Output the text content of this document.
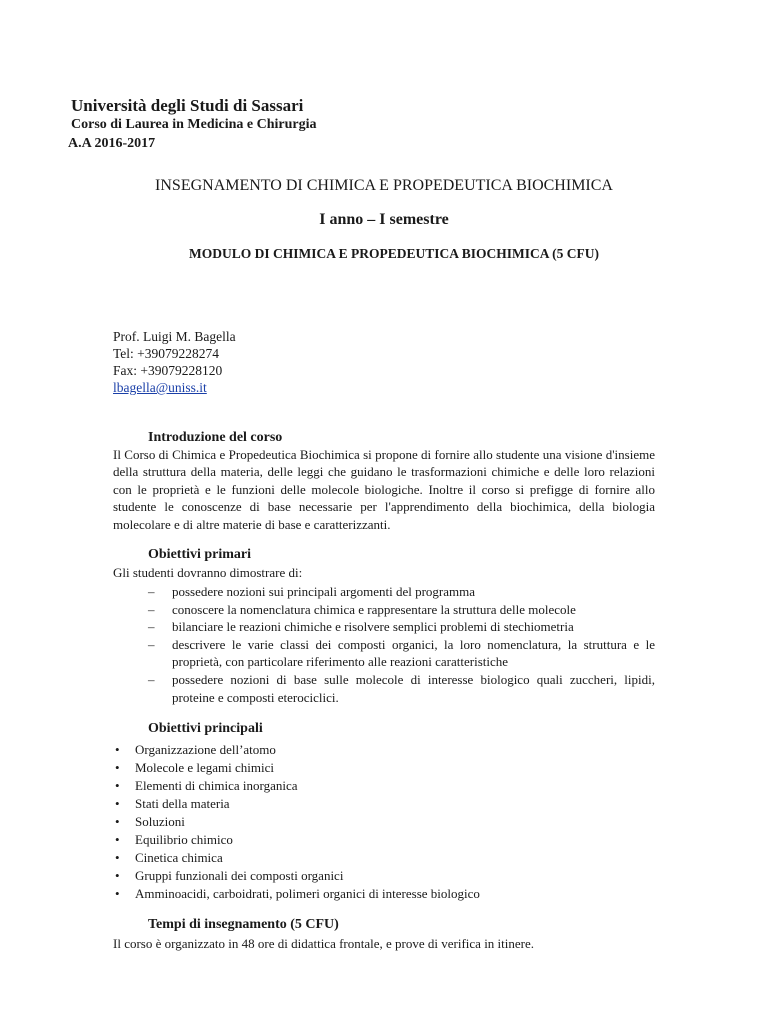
Università degli Studi di Sassari
Corso di Laurea in Medicina e Chirurgia
A.A 2016-2017
INSEGNAMENTO DI CHIMICA E PROPEDEUTICA BIOCHIMICA
I anno – I semestre
MODULO DI CHIMICA E PROPEDEUTICA BIOCHIMICA (5 CFU)
Prof. Luigi M. Bagella
Tel: +39079228274
Fax: +39079228120
lbagella@uniss.it
Introduzione del corso
Il Corso di Chimica e Propedeutica Biochimica si propone di fornire allo studente una visione d'insieme della struttura della materia, delle leggi che guidano le trasformazioni chimiche e delle loro relazioni con le proprietà e le funzioni delle molecole biologiche. Inoltre il corso si prefigge di fornire allo studente le conoscenze di base necessarie per l'apprendimento della biochimica, della biologia molecolare e di altre materie di base e caratterizzanti.
Obiettivi primari
Gli studenti dovranno dimostrare di:
– possedere nozioni sui principali argomenti del programma
– conoscere la nomenclatura chimica e rappresentare la struttura delle molecole
– bilanciare le reazioni chimiche e risolvere semplici problemi di stechiometria
– descrivere le varie classi dei composti organici, la loro nomenclatura, la struttura e le proprietà, con particolare riferimento alle reazioni caratteristiche
– possedere nozioni di base sulle molecole di interesse biologico quali zuccheri, lipidi, proteine e composti eterociclici.
Obiettivi principali
• Organizzazione dell’atomo
• Molecole e legami chimici
• Elementi di chimica inorganica
• Stati della materia
• Soluzioni
• Equilibrio chimico
• Cinetica chimica
• Gruppi funzionali dei composti organici
• Amminoacidi, carboidrati, polimeri organici di interesse biologico
Tempi di insegnamento (5 CFU)
Il corso è organizzato in 48 ore di didattica frontale, e prove di verifica in itinere.
